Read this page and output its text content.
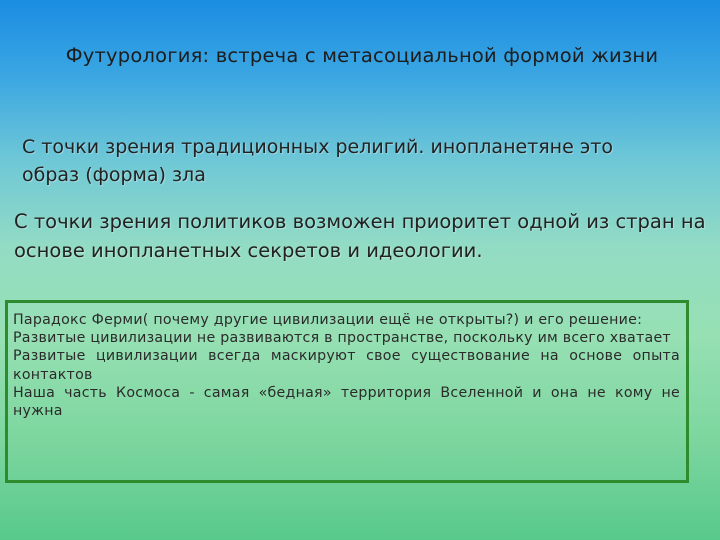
Футурология: встреча с метасоциальной формой жизни
С точки зрения традиционных религий. инопланетяне это образ (форма) зла
С точки зрения политиков возможен приоритет одной из стран на основе инопланетных секретов и идеологии.

Парадокс Ферми( почему другие цивилизации ещё не открыты?) и его решение:

Развитые цивилизации не развиваются в пространстве, поскольку им всего хватает

Развитые цивилизации всегда маскируют свое существование на основе опыта контактов

Наша часть Космоса - самая «бедная» территория Вселенной и она не кому не нужна
